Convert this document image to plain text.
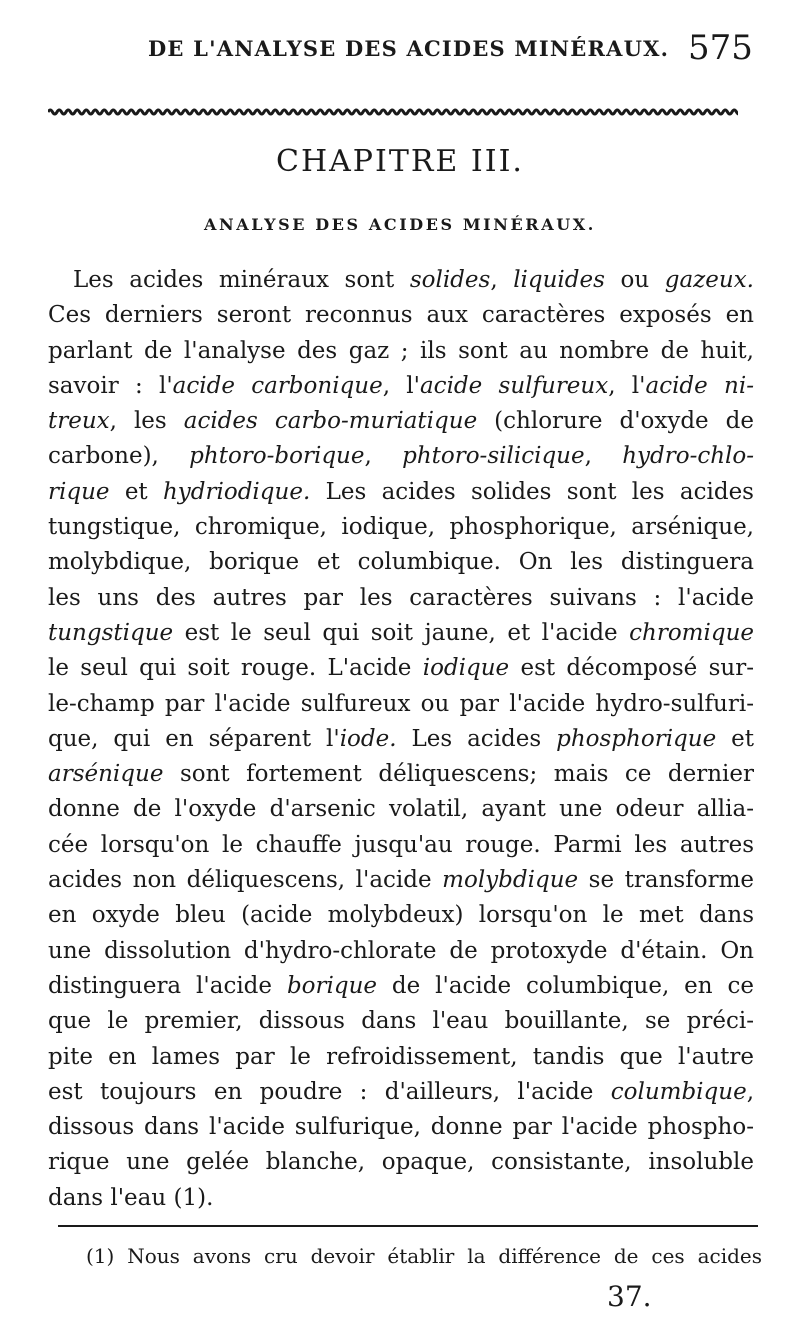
DE L'ANALYSE DES ACIDES MINÉRAUX. 575
CHAPITRE III.
ANALYSE DES ACIDES MINÉRAUX.
Les acides minéraux sont solides, liquides ou gazeux.
Ces derniers seront reconnus aux caractères exposés en
parlant de l'analyse des gaz ; ils sont au nombre de huit,
savoir : l'acide carbonique, l'acide sulfureux, l'acide ni-
treux, les acides carbo-muriatique (chlorure d'oxyde de
carbone), phtoro-borique, phtoro-silicique, hydro-chlo-
rique et hydriodique. Les acides solides sont les acides
tungstique, chromique, iodique, phosphorique, arsénique,
molybdique, borique et columbique. On les distinguera
les uns des autres par les caractères suivans : l'acide
tungstique est le seul qui soit jaune, et l'acide chromique
le seul qui soit rouge. L'acide iodique est décomposé sur-
le-champ par l'acide sulfureux ou par l'acide hydro-sulfuri-
que, qui en séparent l'iode. Les acides phosphorique et
arsénique sont fortement déliquescens; mais ce dernier
donne de l'oxyde d'arsenic volatil, ayant une odeur allia-
cée lorsqu'on le chauffe jusqu'au rouge. Parmi les autres
acides non déliquescens, l'acide molybdique se transforme
en oxyde bleu (acide molybdeux) lorsqu'on le met dans
une dissolution d'hydro-chlorate de protoxyde d'étain. On
distinguera l'acide borique de l'acide columbique, en ce
que le premier, dissous dans l'eau bouillante, se préci-
pite en lames par le refroidissement, tandis que l'autre
est toujours en poudre : d'ailleurs, l'acide columbique,
dissous dans l'acide sulfurique, donne par l'acide phospho-
rique une gelée blanche, opaque, consistante, insoluble
dans l'eau (1).
(1) Nous avons cru devoir établir la différence de ces acides
37.
